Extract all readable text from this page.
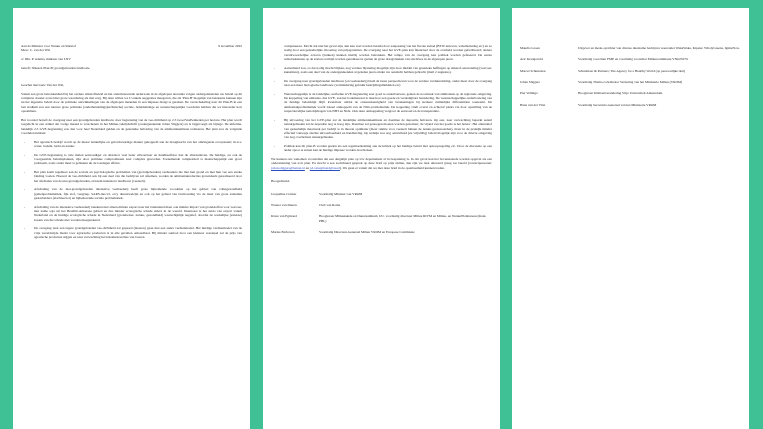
Aan de Minister voor Natuur en Stikstof
Mevr. C. van der Wal
9 november 2022
cc Dhr. P. Adema, minister van LNV
betreft; Stikstof-Plan-B; grondgebonden landbouw
Geachte mevrouw Van der Wal,
Vanuit een grote betrokkenheid bij het cerdere stikstofbeleid en het onderhouwende onderzoek in de afgelopen decennia volgen ondergetekenden uw beleid op dit complexe dossier zowel met grote waardering als met zorg. Bij deze willen we U enkele suggesties meegeven, die als 'Plan-B' mogelijk van betekenis kunnen zijn nu het ingezette beleid door de politieke ontwikkelingen van de afgelopen maanden in een impasse dreigt te geraken. De overschakeling naar dit Plan-B in een laat stadium zou een nieuwe grote politieke (onderhandelings)technische( sociale, beleidsmatige en wetenschappelijke voordelen hebben die we hieronder kort opsommen.
Het voorstel betreft de overgang naar een grondgebonden landbouw door begrenzing van de vee-dichtheid op 2.3 GrootVeeEenheden per hectare. Het plan wordt toegelicht in een artikel dat vorige maand is verschenen in het Milieu-vaktijdschrift (ondergetekende Johan Sliggers) en is bijgevoegd als bijlage. De uitferme, landelijk 2.3 GVE-begrenzing zou dan voor heel Nederland gelden en de generieke halvering van de ammoniakemissie realiseren. Het plan zou de volgende voordelen hebben:
- Het agrarisch bedrijf wordt op de meest natuurlijke en gelovdwaardige manier gekoppeld aan de draagkracht van het omringende ecosysteem; m.w.v. water, bodem, lucht en natuur.
- De GVE-begrenzing is vele malen eenvoudiger en daardoor veel beter uitvoerbaar en handhaafbaar dan de alternatieven. De huidige, en ook de voorgestelde beleidsplannen, zijn door politieke compromissen zeer complex geworden. Toenemende complexiteit is maatschappelijk een groot probleem, zoals onder meer is gebleken uit de toeslagen affaire.
- Het plan komt tegemoet aan de sociale en psychologische problemen van (grondgebonden) veehouders die met hun grond en met hun vee een sterke binding voelen. Hoewel de vee-dichtheid ook bij een deel van die bedrijven zal afnemen, worden de ammoniakreducties grotendeels gerealiseerd door het afschalen van de niet-grondgebonden, extreem intensieve landbouw (veeteelt).
- Afschaling van de niet-grondgebonden intensieve veehouderij heeft grote bijkomende voordelen op het gebied van volksgezondheid (geitenproblematiek, fijn stof, veegriep, SARS-mocv2, etc), dierenwelzijn en ook op het gebied van bruisvesting via de inzet van grote aantallen gastarbeiders (slachtsector) en bijbehorende sociale problematiek.
- Afschaling van de intensieve veehouderij betekent niet alleen minder export naar het buitenland maar ook minder import van grondstoffen voor veevoer, met name soja uit het Brazilië-Amazone gebied en dus minder ecologische schade elders in de wereld. Daarnaast is het saldo van export vanuit Nederland en de huidige ecologische schade in Nederland (grondwater, natuur, gezondheid) waarschijnlijk negatief, doordat de werkelijke (externe) kosten van die schade niet worden meegerekend.
- De overgang naar een lagere grondgebonden vee-dichtheid zal gepaard (moeten) gaan met een ander verdienmodel. Het huidige verdienmodel van de vrije wereldwijde markt voor agrarische producten is in alle gevallen onhoudbaar. Bij minder aanbod door een kleinere veestapel zal de prijs van agrarische producten stijgen en naar verwachting het inkomensverlies van boeren
compenseren. Mocht dat niet het geval zijn, dan kan veel worden bereikt door aanpassing van het fiscale stelsel (BTW-tarieven, winstbelasting etc) en zo nodig door een gedeeltelijke invoering van prijsgaranties. De overgang naar het GVE-plan kan financieel door de overheid worden gefaciliteerd; andere verantwoordelijke actoren (banken) kunnen hierbij worden betrokken. Het tempo van de overgang kan politiek worden gefaseerd. De eerste reductiekunnen op de kortere termijn worden gerealiseerd, gezien de grote draagvlakken van slachtvee in de afgelopen jaren.
- Aanvullend zou, zo dat nodig mocht blijken, nog verdere bijsturing mogelijk zijn door middel van generieke heffingen op stikstof-aanwending (veevoer, kunstmest), zoals een deel van de ondergetekenden al geleden jaren omder uw aandacht hebben gebracht (mail 2 augustus).
- De overgang naar grondgebonden landbouw (en veehouderij) biedt de beste perspectieven voor de verdere verduurzaming, onder meer door de overgang naar een meer biologische landbouw (vermindering gebruik bestrijdingsmiddelen etc)
- Wetenschappelijk is de landelijke, uniforme GVE-begrenzing zeer goed te onderbouwen, gezien de noodzaak van ammoniak op de regionale omgeving. De koppeling van emissies, dus GVE, aan het bodemareaal is daardoor een goede en verdedigbare benadering. De wetenschappelijke onderbouwing van de huidige beleidslijn blijft kwetsbaar omdat de onnauwkeurigheid van berekeningen bij sterkere ruimtelijke differentiatie toeneemt. De ammoniakproblematiek wordt lokaal ontkoppeld van de NOx-problematiek. De koppeling vindt overal en achteraf plaats via door opstelling van de respectievelijke nettobijdragen van NH3 en NOx. Ook deze ontkoppeling vergroot de eenvoud en de transparantie.
- Bij uitvoering van het GVE-plan zal de landelijke ammoniakemissie en daarmee de depositie halveren. Op een, naar verwachting beperkt aantal natuurgebieden zal de depositie nog te hoog zijn. Daarmee zal genoegen moeten worden genomen; 'de vijand van het goede is het betere'. Het alternatief van gedeeltelijk maatwerk per bedrijf is in theorie optimaler (meer ruimte voor veeteelt binnen de natuur-grenswaarden), maar in de praktijk minder effectief vanwege slechte uitvoerbaarheid en handhaving. Op termijn zou nog aanvullend (en vrijwillig) beleid mogelijk zijn voor de directe omgeving van nog overbelaste natuurgebieden.
- Politiek kan dit plan-B worden gezien als een tegemoetkoming aan de kritiek op het huidige beleid met opkoopregeling etc. Door de discussie op een ander spoor te zetten kan de huidige impasse worden doorbroken.
We kunnen ons wekomen voorstellen dat een dergelijk plan op Uw departement al in bespreking is. In dat geval kan het bovenstaande worden opgevat als een ondersteuning van zo'n plan. Eu mocht u een toelichtend gesprek op deze brief op prijs stellen, dan zijn we daar uiteraard graag toe bereid (contactpersonen: johan.sliggers@hetnet.nl en j.d.vanegmond@uu.nl). We gaan er vanuit dat we met deze brief in de openbaarheid kunnen treden.
Hoogachtend,
Jacqueline Cramer	Voormalig Minister van VROM
Wouter van Dieren	Club van Rome
Klaas van Egmond	Hoogleraar Milieukunde en Duurzaamheid, UU. voormalig directeur Milieu RIVM en Milieu- en NatuurPlanbureau (thans PBL)
Marius Enthoven	Voormalig Directeur-Generaal Milieu VROM en Europese Commissie
Maurits Groen	Uitgever en mede-oprichter van diverse duurzame bedrijven waaronder WakaWaka, Kipster, WholyGreens, IgniteNow.
Aric Kraaijeveld	Voormalig voorzitter FME en voormalig voorzitter Milieucommissie VNO/NCW
Marcel Schuttelaar	Schuttelaar & Partners; The Agency for a Healthy World (op persoonlijke titel)
Johan Sliggers	Voormalig Thema-coördinator Verzuring van het Ministerie Milieu (VROM)
Pier Vellinga	Hoogleraar Klimaatverandering Vrije Universiteit Amsterdam.
Hans van der Vlist	Voormalig Secretaris-Generaal van het Ministerie VROM
